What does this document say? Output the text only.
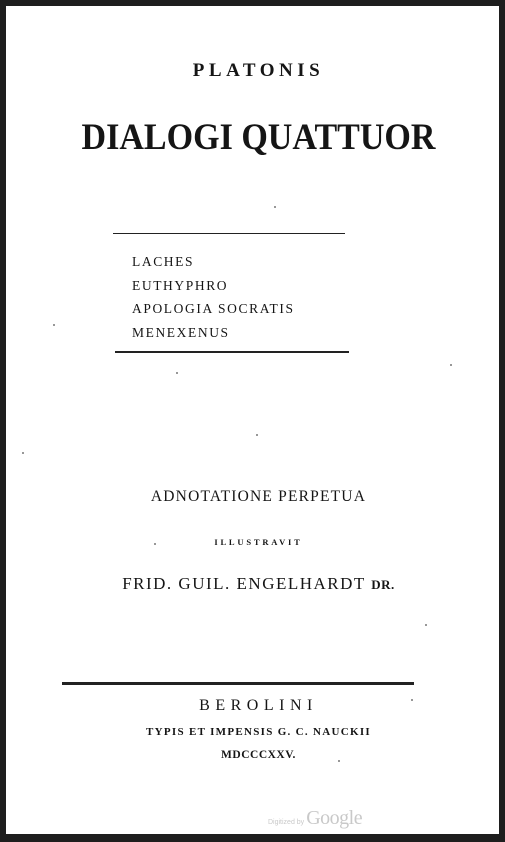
PLATONIS
DIALOGI QUATTUOR
LACHES
EUTHYPHRO
APOLOGIA SOCRATIS
MENEXENUS
ADNOTATIONE PERPETUA
ILLUSTRAVIT
FRID. GUIL. ENGELHARDT DR.
BEROLINI
TYPIS ET IMPENSIS G. C. NAUCKII
MDCCCXXV.
Digitized by Google
